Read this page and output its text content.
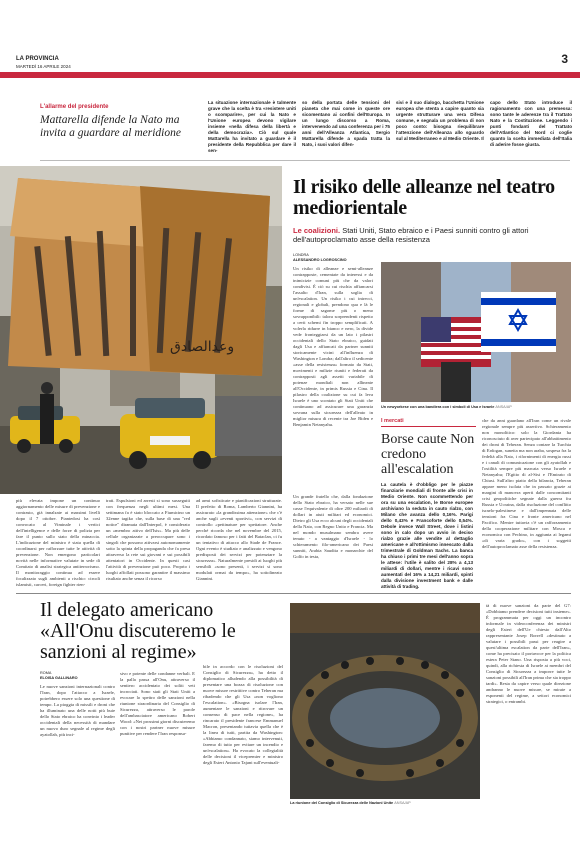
LA PROVINCIA
MARTEDÌ 16 APRILE 2024
3
L'allarme del presidente
Mattarella difende la Nato ma invita a guardare al meridione
La situazione internazionale è talmente grave che la scelta è tra «resistere uniti o scomparire», per cui la Nato e l'Unione europea devono vigilare insieme «nella difesa della libertà e della democrazia». Ciò sul quale Mattarella ha invitato a guardare è il presidente della Repubblica per dare il sen-
so della portata delle tensioni del pianeta che mai come in queste ore sicomentano ai confini dell'Europa. In un lungo discorso a Roma, intervenendo ad una conferenza per i 75 anni dell'Alleanza Atlantica, Sergio Mattarella difende a spada tratta la Nato, i suoi valori difen-
sivi e il suo dialogo, bacchetta l'Unione europea che stenta a capire quanto sia urgente strutturare una vera Difesa comune, e segnala un problema di non poco conto: bisogna riequilibrare l'attenzione dell'Alleanza allo sguardo sul al Mediterraneo e al Medio Oriente. Il
capo dello Stato introduce il ragionamento con una premessa: sono tante le aderenze tra il Trattato Nato e la Costituzione. Leggendo i punti fondanti del Trattato dell'Atlantico del Nord ci coglie quanto la scelta immediata dell'Italia di aderire fosse giusta.
وعدالصادق
Il risiko delle alleanze nel teatro mediorientale
Le coalizioni. Stati Uniti, Stato ebraico e i Paesi sunniti contro gli attori dell'autoproclamato asse della resistenza
LONDRA
ALESSANDRO LOGROSCINO
Un risiko di alleanze e semi-alleanze contrapposte, cementate da interessi e da inimicizie comuni più che da valori condivisi. È ciò su cui rischia affiancarsi l'assalto d'Iran, sulla soglia di un'escalation. Un risiko i cui intrecci, regionali e globali, prendono qua e là le forme di sagome più o meno sovrapponibili: talora sorprendenti rispetto a certi schemi fin troppo semplificati. A volerla ridurre in bianco e nero, la divide vede fronteggiarsi da un lato i pilastri occidentali dello Stato ebraico, guidati dagli Usa e affiancati da partner sunniti storicamente vicini all'influenza di Washington e Londra; dall'altro il sedicente «asse della resistenza» formato da Stati, movimenti e milizie riuniti e federati da contrapposti agli assetti variabile di potenze mondiali non allineate all'Occidente, in primis Russia e Cina. Il pilastro della coalizione su cui fa leva Israele è uno scontato gli Stati Uniti che continuano ad assicurare una garanzia sovrana sulla sicurezza dell'alleato in miglior misura di recente tra Joe Biden e Benjamin Netanyahu.
Un newyorkese con una bandiera con i simboli di Usa e Israele ANSA/AP
I mercati
Borse caute Non credono all'escalation
La cautela è d'obbligo per le piazze finanziarie mondiali di fronte alle crisi in Medio Oriente. Non scommettendo per ora su una escalation, le Borse europee archiviano la seduta in cauto rialzo, con Milano che avanza dello 0,16%. Parigi dello 0,43% e Francoforte dello 0,54%. Debole invece Wall Street, dove i listini sono in calo dopo un avvio in deciso rialzo grazie alle vendite al dettaglio americane e all'ottimismo innescato dalla trimestrale di Goldman Sachs. La banca ha chiuso i primi tre mesi dell'anno sopra le attese: l'utile è salito del 28% a 4,13 miliardi di dollari, mentre i ricavi sono aumentati del 16% a 14,21 miliardi, spinti dalla divisione investment bank e dalle attività di trading.
Un grande fratello che, dalla fondazione dello Stato ebraico, ha versato nelle sue casse l'equivalente di oltre 200 miliardi di dollari in aiuti militari ed economici. Dietro gli Usa ecco alcuni degli occidentali della Nato, con Regno Unito e Francia. Ma nel mondo musulmano sembra avere tenuto - a vantaggio d'Israele - lo schieramento filo-americano dei Paesi sunniti, Arabia Saudita e monarchie del Golfo in testa,
che da anni guardano all'Iran come un rivale regionale sempre più assertivo. Schieramento non monolitico: solo la Giordania ha riconosciuto di aver partecipato all'abbattimento dei droni di Teheran. Senza contare la Turchia di Erdogan, suneita ma non araba, sospesa fra la fedeltà alla Nato, i rifornimenti di energia russi e i canali di comunicazione con gli ayatollah e l'ostilità sempre più marcata verso Israele e Netanyahu; l'Egitto di al-Sisi e l'Emirato di Chiusi. Sull'altro piatto della bilancia, Teheran appare meno isolata che in passato grazie ai margini di manovra aperti dalle concomitanti crisi geopolitiche segnate dalla guerra fra Russia e Ucraina, dalla risoluzione del conflitto israelo-palestinese e dall'impennata delle tensioni fra Cina e fronte americano nel Pacifico. Mentre tuttavia c'è un rafforzamento della cooperazione militare con Mosca e economica con Pechino, in aggiunta ai legami «di varia grado», con i soggetti dell'autoproclamato asse della resistenza.
più elevata impone un continuo aggiornamento delle misure di prevenzione e contrasto, già innalzate ai massimi livelli dopo il 7 ottobre. Piantedosi ha così convocato al Viminale i vertici dell'intelligence e delle forze di polizia per fare il punto sullo stato della minaccia. L'indicazione del ministro è stata quella di coordinarsi per rafforzare tutte le attività di prevenzione. Non emergono particolari novità nelle informative valutate in sede di Comitato di analisi strategica antiterrorismo. Il monitoraggio continua ad essere focalizzato sugli ambienti a rischio: circoli islamisti, carceri, foreign fighter rien-
trati. Espulsioni ed arresti si sono susseguiti con frequenza negli ultimi mesi. Una settimana fa è stato bloccato a Fiumicino un 32enne tagiko che, sulla base di una "red notice" diramata dall'Interpol, è considerato un «membro attivo dell'Isis». Ma più delle cellule organizzate a preoccupare sono i singoli che possono attivarsi autonomamente sotto la spinta della propaganda che fa presa attraverso la rete sui giovani e sui possibili attentatori in Occidente. In questi casi l'attività di prevenzione può poco. Proprio i luoghi affollati possono garantire il massimo risultato anche senza il ricorso
ad armi sofisticate e pianificazioni strutturate. Il prefetto di Roma, Lamberto Giannini, ha assicurato «la grandissima attenzione» che c'è anche sugli «eventi sportivi», con servizi di controllo «pettinature per spettatore. Anche perché ricorda che nel novembre del 2015, ricordato famoso per i fatti del Bataclan, ci fu un tentativo di attacco allo Stade de France. Ogni evento è studiato e analizzato e vengono predisposti dei servizi per potenziare la sicurezza». Naturalmente presidi ai luoghi più sensibili «sono presenti, i servizi si sono modulati ormai da tempo», ha sottolineato Giannini.
Il delegato americano «All'Onu discuteremo le sanzioni al regime»
ROMA
ELOISA GALLINARO
Le nuove sanzioni internazionali contro l'Iran, dopo l'attacco a Israele, potrebbero essere solo una questione di tempo. La pioggia di missili e droni che ha illuminato una delle notti più buie dello Stato ebraico ha convinto i leader occidentali della necessità di mandare un nuovo duro segnale al regime degli ayatollah, più inci-
sivo e potente delle condanne verbali. E la palla passa all'Onu, attraverso il sentiero accidentato dei soliti veti incrociati. Sono stati gli Stati Uniti a evocare lo spettro delle sanzioni nella riunione straordinaria del Consiglio di Sicurezza, attraverso le parole dell'ambasciatore americano Robert Wood: «Nei prossimi giorni discuteremo con i nostri partner nuove misure punitive per rendere l'Iran responsa-
bile in accordo con le risoluzioni del Consiglio di Sicurezza», ha detto il diplomatico alludendo alla possibilità di presentare una bozza di risoluzione con nuove misure restrittive contro Teheran ma ribadendo che gli Usa «non vogliono l'escalation». «Bisogna isolare l'Iran, aumentare le sanzioni e ritrovare un consenso di pace nella regione», ha rincarato il presidente francese Emmanuel Macron, presentando tuttavia quella che è la linea di tutti, partita da Washington: «Abbiamo condannato, siamo intervenuti, faremo di tutto per evitare un incendio e un'escalation». Ha evocato la collegialità delle decisioni il vicepremier e ministro degli Esteri Antonio Tajani sull'eventuali-
La riunione del Consiglio di Sicurezza delle Nazioni Unite ANSA/AP
tà di nuove sanzioni da parte del G7: «Dobbiamo prendere decisioni tutti insieme». È programmata per oggi un incontro informale in videoconferenza dei ministri degli Esteri dell'Ue chiesto dall'Alto rappresentante Josep Borrell «destinato a valutare i possibili passi per reagire a quest'ultima escalation da parte dell'Iran», come ha precisato il portavoce per la politica estera Peter Stano. Una risposta a più voci, quindi, alla richiesta di Israele ai membri del Consiglio di Sicurezza a imporre tutte le sanzioni possibili all'Iran prima che sia troppo tardi». Resta da capire verso quale direzione andranno le nuove misure, se mirate a esponenti del regime, a settori economici strategici, o entrambi.
